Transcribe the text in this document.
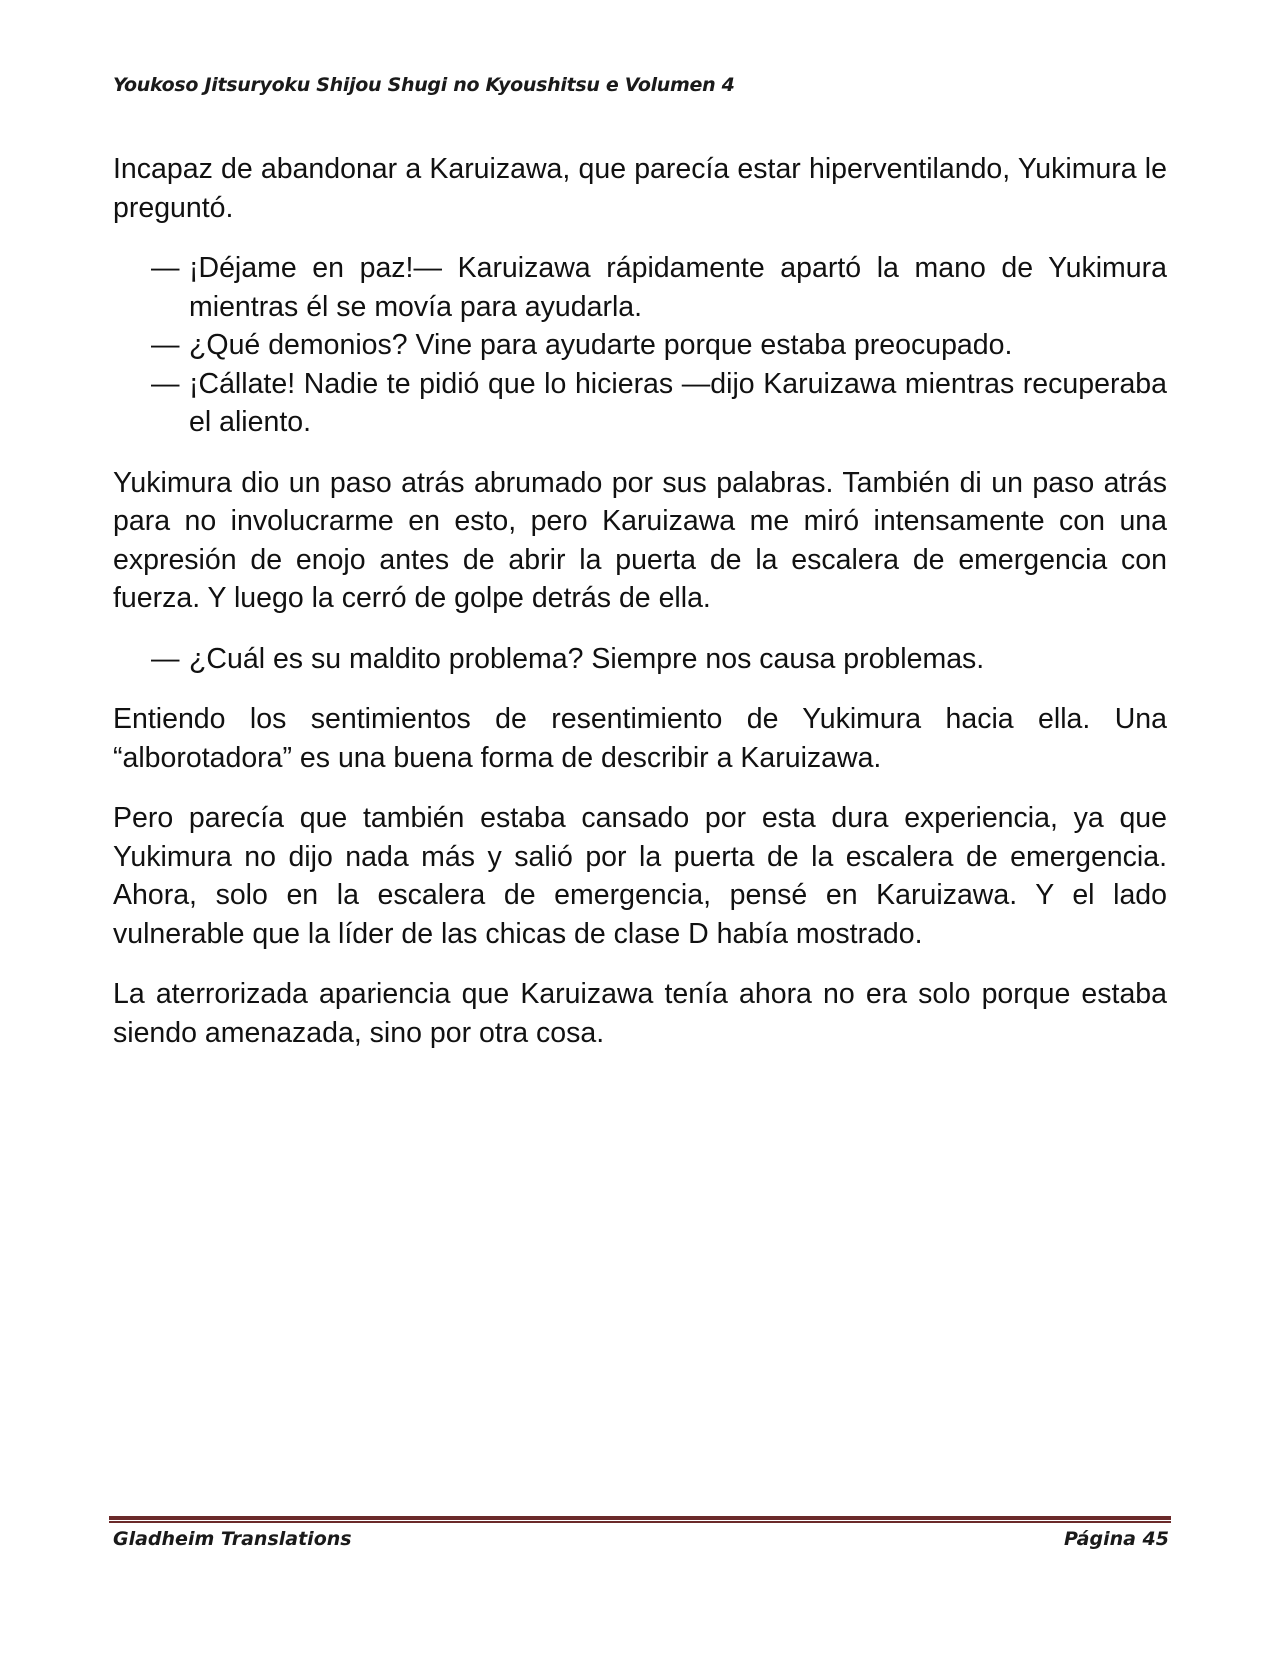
Youkoso Jitsuryoku Shijou Shugi no Kyoushitsu e Volumen 4

Incapaz de abandonar a Karuizawa, que parecía estar hiperventilando, Yukimura le preguntó.

— ¡Déjame en paz!— Karuizawa rápidamente apartó la mano de Yukimura mientras él se movía para ayudarla.
— ¿Qué demonios? Vine para ayudarte porque estaba preocupado.
— ¡Cállate! Nadie te pidió que lo hicieras —dijo Karuizawa mientras recuperaba el aliento.

Yukimura dio un paso atrás abrumado por sus palabras. También di un paso atrás para no involucrarme en esto, pero Karuizawa me miró intensamente con una expresión de enojo antes de abrir la puerta de la escalera de emergencia con fuerza. Y luego la cerró de golpe detrás de ella.

— ¿Cuál es su maldito problema? Siempre nos causa problemas.

Entiendo los sentimientos de resentimiento de Yukimura hacia ella. Una “alborotadora” es una buena forma de describir a Karuizawa.

Pero parecía que también estaba cansado por esta dura experiencia, ya que Yukimura no dijo nada más y salió por la puerta de la escalera de emergencia. Ahora, solo en la escalera de emergencia, pensé en Karuizawa. Y el lado vulnerable que la líder de las chicas de clase D había mostrado.

La aterrorizada apariencia que Karuizawa tenía ahora no era solo porque estaba siendo amenazada, sino por otra cosa.

Gladheim Translations	Página 45
